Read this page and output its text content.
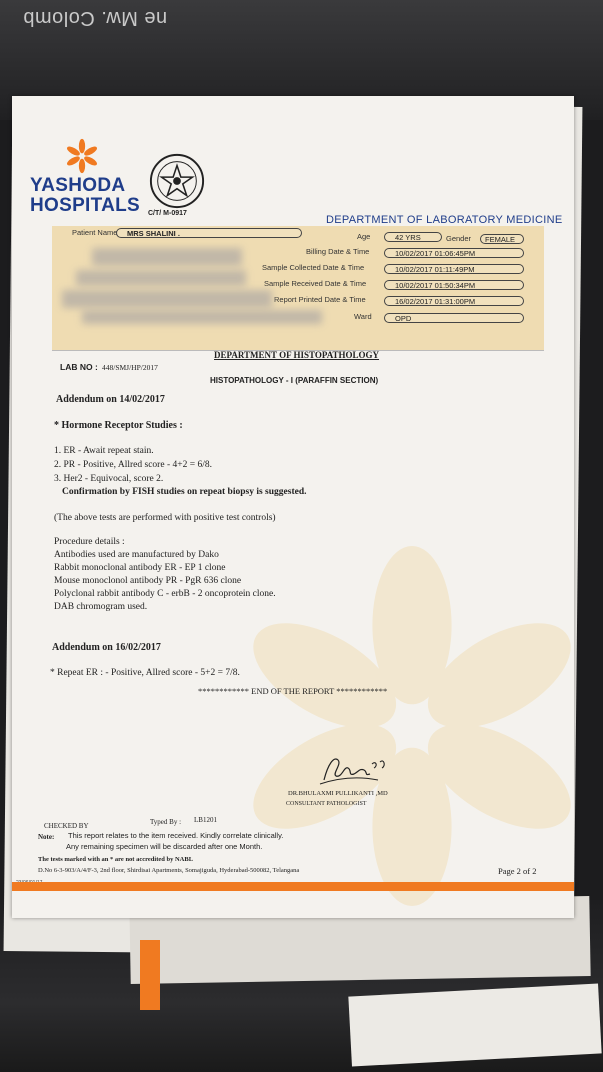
ne Mw. Colomb
YASHODA
HOSPITALS C/T/ M-0917
DEPARTMENT OF LABORATORY MEDICINE
Patient Name	MRS SHALINI .	Age	42 YRS	Gender	FEMALE
Billing Date & Time	10/02/2017 01:06:45PM
Sample Collected Date & Time	10/02/2017 01:11:49PM
Sample Received Date & Time	10/02/2017 01:50:34PM
Report Printed Date & Time	16/02/2017 01:31:00PM
Ward	OPD
DEPARTMENT OF HISTOPATHOLOGY
LAB NO : 448/SMJ/HP/2017
HISTOPATHOLOGY - I (PARAFFIN SECTION)
Addendum on 14/02/2017
* Hormone Receptor Studies :
1. ER - Await repeat stain.
2. PR - Positive, Allred score - 4+2 = 6/8.
3. Her2 - Equivocal, score 2.
Confirmation by FISH studies on repeat biopsy is suggested.
(The above tests are performed with positive test controls)
Procedure details :
Antibodies used are manufactured by Dako
Rabbit monoclonal antibody ER - EP 1 clone
Mouse monoclonol antibody PR - PgR 636 clone
Polyclonal rabbit antibody C - erbB - 2 oncoprotein clone.
DAB chromogram used.
Addendum on 16/02/2017
* Repeat ER : - Positive, Allred score - 5+2 = 7/8.
************ END OF THE REPORT ************
DR.BHULAXMI PULLIKANTI ,MD
CONSULTANT PATHOLOGIST
CHECKED BY	Typed By : LB1201
Note: This report relates to the item received. Kindly correlate clinically.
Any remaining specimen will be discarded after one Month.
The tests marked with an * are not accredited by NABL
D.No 6-3-903/A/4/F-3, 2nd floor, Shirdisai Apartments, Somajiguda, Hyderabad-500082, Telangana	Page 2 of 2
